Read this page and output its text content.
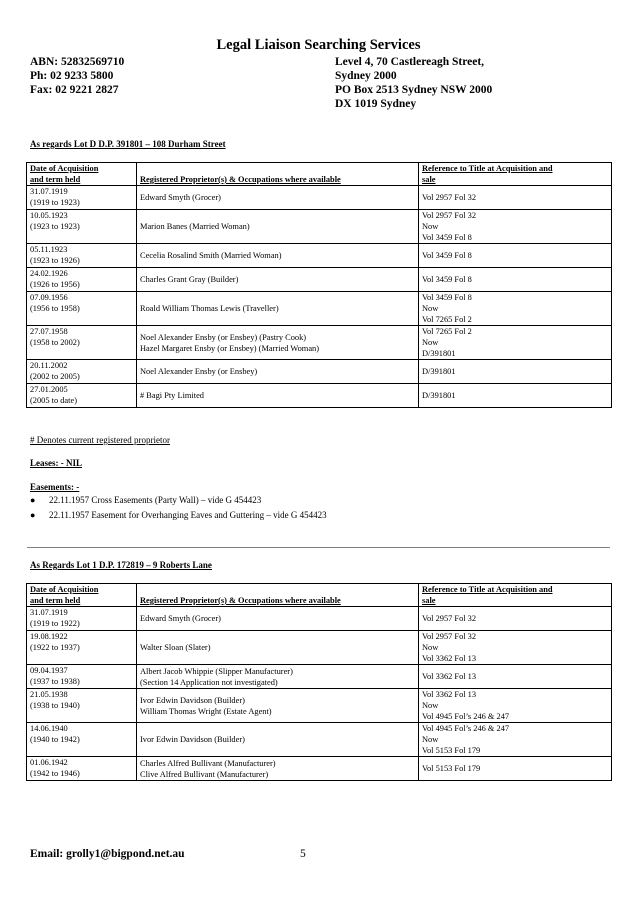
Legal Liaison Searching Services
ABN: 52832569710
Ph: 02 9233 5800
Fax: 02 9221 2827
Level 4, 70 Castlereagh Street,
Sydney 2000
PO Box 2513 Sydney NSW 2000
DX 1019 Sydney
As regards Lot D D.P. 391801 – 108 Durham Street
Date of Acquisition
and term held	Registered Proprietor(s) & Occupations where available	Reference to Title at Acquisition and
sale

31.07.1919
(1919 to 1923)	Edward Smyth (Grocer)	Vol 2957 Fol 32

10.05.1923
(1923 to 1923)	Marion Banes (Married Woman)	Vol 2957 Fol 32
Now
Vol 3459 Fol 8

05.11.1923
(1923 to 1926)	Cecelia Rosalind Smith (Married Woman)	Vol 3459 Fol 8

24.02.1926
(1926 to 1956)	Charles Grant Gray (Builder)	Vol 3459 Fol 8

07.09.1956
(1956 to 1958)	Roald William Thomas Lewis (Traveller)	Vol 3459 Fol 8
Now
Vol 7265 Fol 2

27.07.1958
(1958 to 2002)	Noel Alexander Ensby (or Ensbey) (Pastry Cook)
Hazel Margaret Ensby (or Ensbey) (Married Woman)	Vol 7265 Fol 2
Now
D/391801

20.11.2002
(2002 to 2005)	Noel Alexander Ensby (or Ensbey)	D/391801

27.01.2005
(2005 to date)	# Bagi Pty Limited	D/391801
# Denotes current registered proprietor
Leases: - NIL
Easements: -
● 22.11.1957 Cross Easements (Party Wall) – vide G 454423
● 22.11.1957 Easement for Overhanging Eaves and Guttering – vide G 454423
As Regards Lot 1 D.P. 172819 – 9 Roberts Lane
Date of Acquisition
and term held	Registered Proprietor(s) & Occupations where available	Reference to Title at Acquisition and
sale

31.07.1919
(1919 to 1922)	Edward Smyth (Grocer)	Vol 2957 Fol 32

19.08.1922
(1922 to 1937)	Walter Sloan (Slater)	Vol 2957 Fol 32
Now
Vol 3362 Fol 13

09.04.1937
(1937 to 1938)	Albert Jacob Whippie (Slipper Manufacturer)
(Section 14 Application not investigated)	Vol 3362 Fol 13

21.05.1938
(1938 to 1940)	Ivor Edwin Davidson (Builder)
William Thomas Wright (Estate Agent)	Vol 3362 Fol 13
Now
Vol 4945 Fol’s 246 & 247

14.06.1940
(1940 to 1942)	Ivor Edwin Davidson (Builder)	Vol 4945 Fol’s 246 & 247
Now
Vol 5153 Fol 179

01.06.1942
(1942 to 1946)	Charles Alfred Bullivant (Manufacturer)
Clive Alfred Bullivant (Manufacturer)	Vol 5153 Fol 179
Email: grolly1@bigpond.net.au	5
